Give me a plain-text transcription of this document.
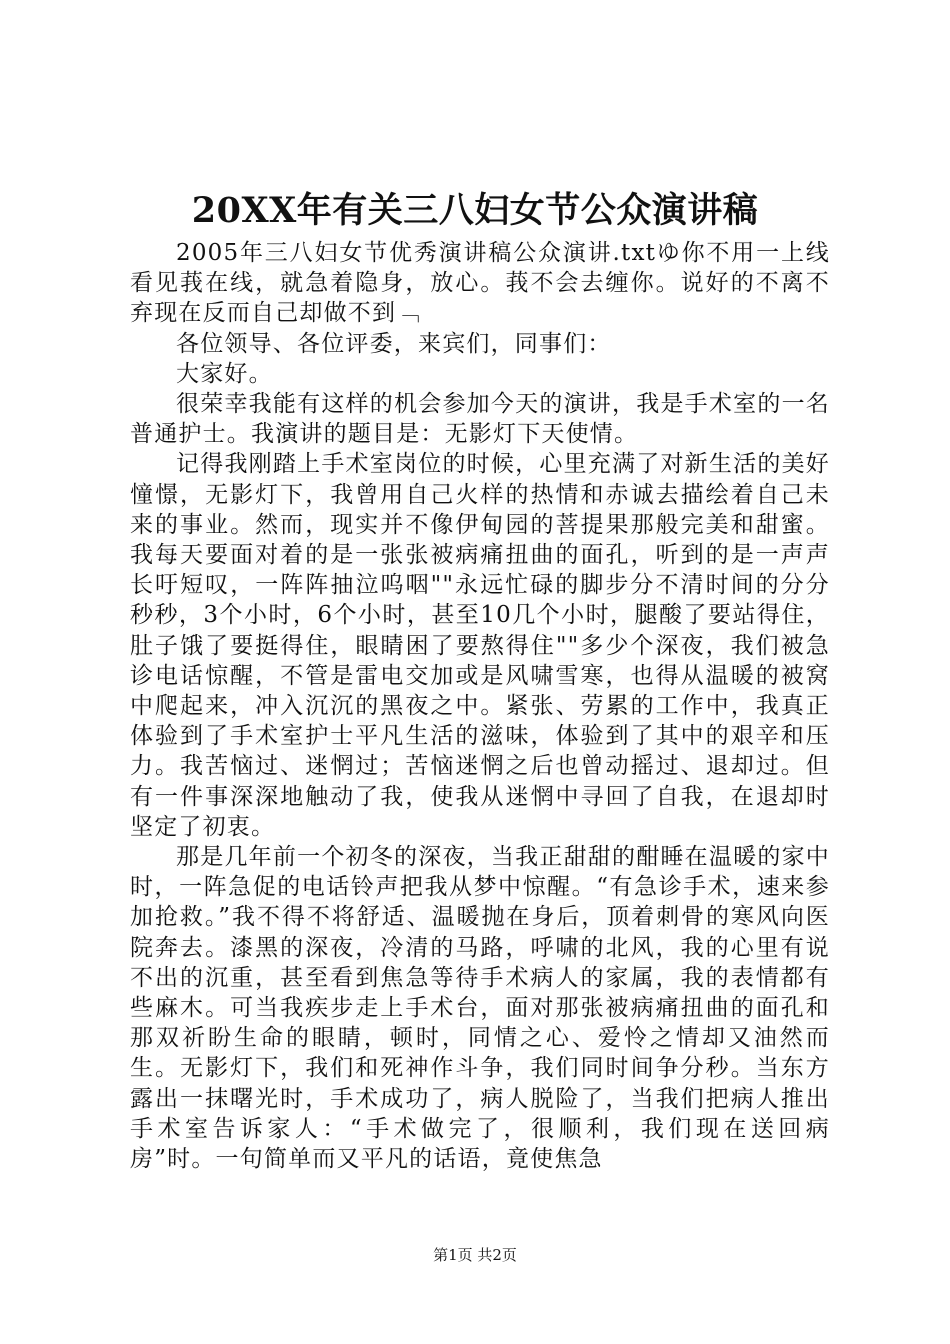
20XX年有关三八妇女节公众演讲稿

2005年三八妇女节优秀演讲稿公众演讲.txtゆ你不用一上线看见莪在线，就急着隐身，放心。莪不会去缠你。说好的不离不弃现在反而自己却做不到﹁

各位领导、各位评委，来宾们，同事们：

大家好。

很荣幸我能有这样的机会参加今天的演讲，我是手术室的一名普通护士。我演讲的题目是：无影灯下天使情。

记得我刚踏上手术室岗位的时候，心里充满了对新生活的美好憧憬，无影灯下，我曾用自己火样的热情和赤诚去描绘着自己未来的事业。然而，现实并不像伊甸园的菩提果那般完美和甜蜜。我每天要面对着的是一张张被病痛扭曲的面孔，听到的是一声声长吁短叹，一阵阵抽泣呜咽""永远忙碌的脚步分不清时间的分分秒秒，3个小时，6个小时，甚至10几个小时，腿酸了要站得住，肚子饿了要挺得住，眼睛困了要熬得住""多少个深夜，我们被急诊电话惊醒，不管是雷电交加或是风啸雪寒，也得从温暖的被窝中爬起来，冲入沉沉的黑夜之中。紧张、劳累的工作中，我真正体验到了手术室护士平凡生活的滋味，体验到了其中的艰辛和压力。我苦恼过、迷惘过；苦恼迷惘之后也曾动摇过、退却过。但有一件事深深地触动了我，使我从迷惘中寻回了自我，在退却时坚定了初衷。

那是几年前一个初冬的深夜，当我正甜甜的酣睡在温暖的家中时，一阵急促的电话铃声把我从梦中惊醒。“有急诊手术，速来参加抢救。”我不得不将舒适、温暖抛在身后，顶着刺骨的寒风向医院奔去。漆黑的深夜，冷清的马路，呼啸的北风，我的心里有说不出的沉重，甚至看到焦急等待手术病人的家属，我的表情都有些麻木。可当我疾步走上手术台，面对那张被病痛扭曲的面孔和那双祈盼生命的眼睛，顿时，同情之心、爱怜之情却又油然而生。无影灯下，我们和死神作斗争，我们同时间争分秒。当东方露出一抹曙光时，手术成功了，病人脱险了，当我们把病人推出手术室告诉家人：“手术做完了，很顺利，我们现在送回病房”时。一句简单而又平凡的话语，竟使焦急

第1页 共2页
